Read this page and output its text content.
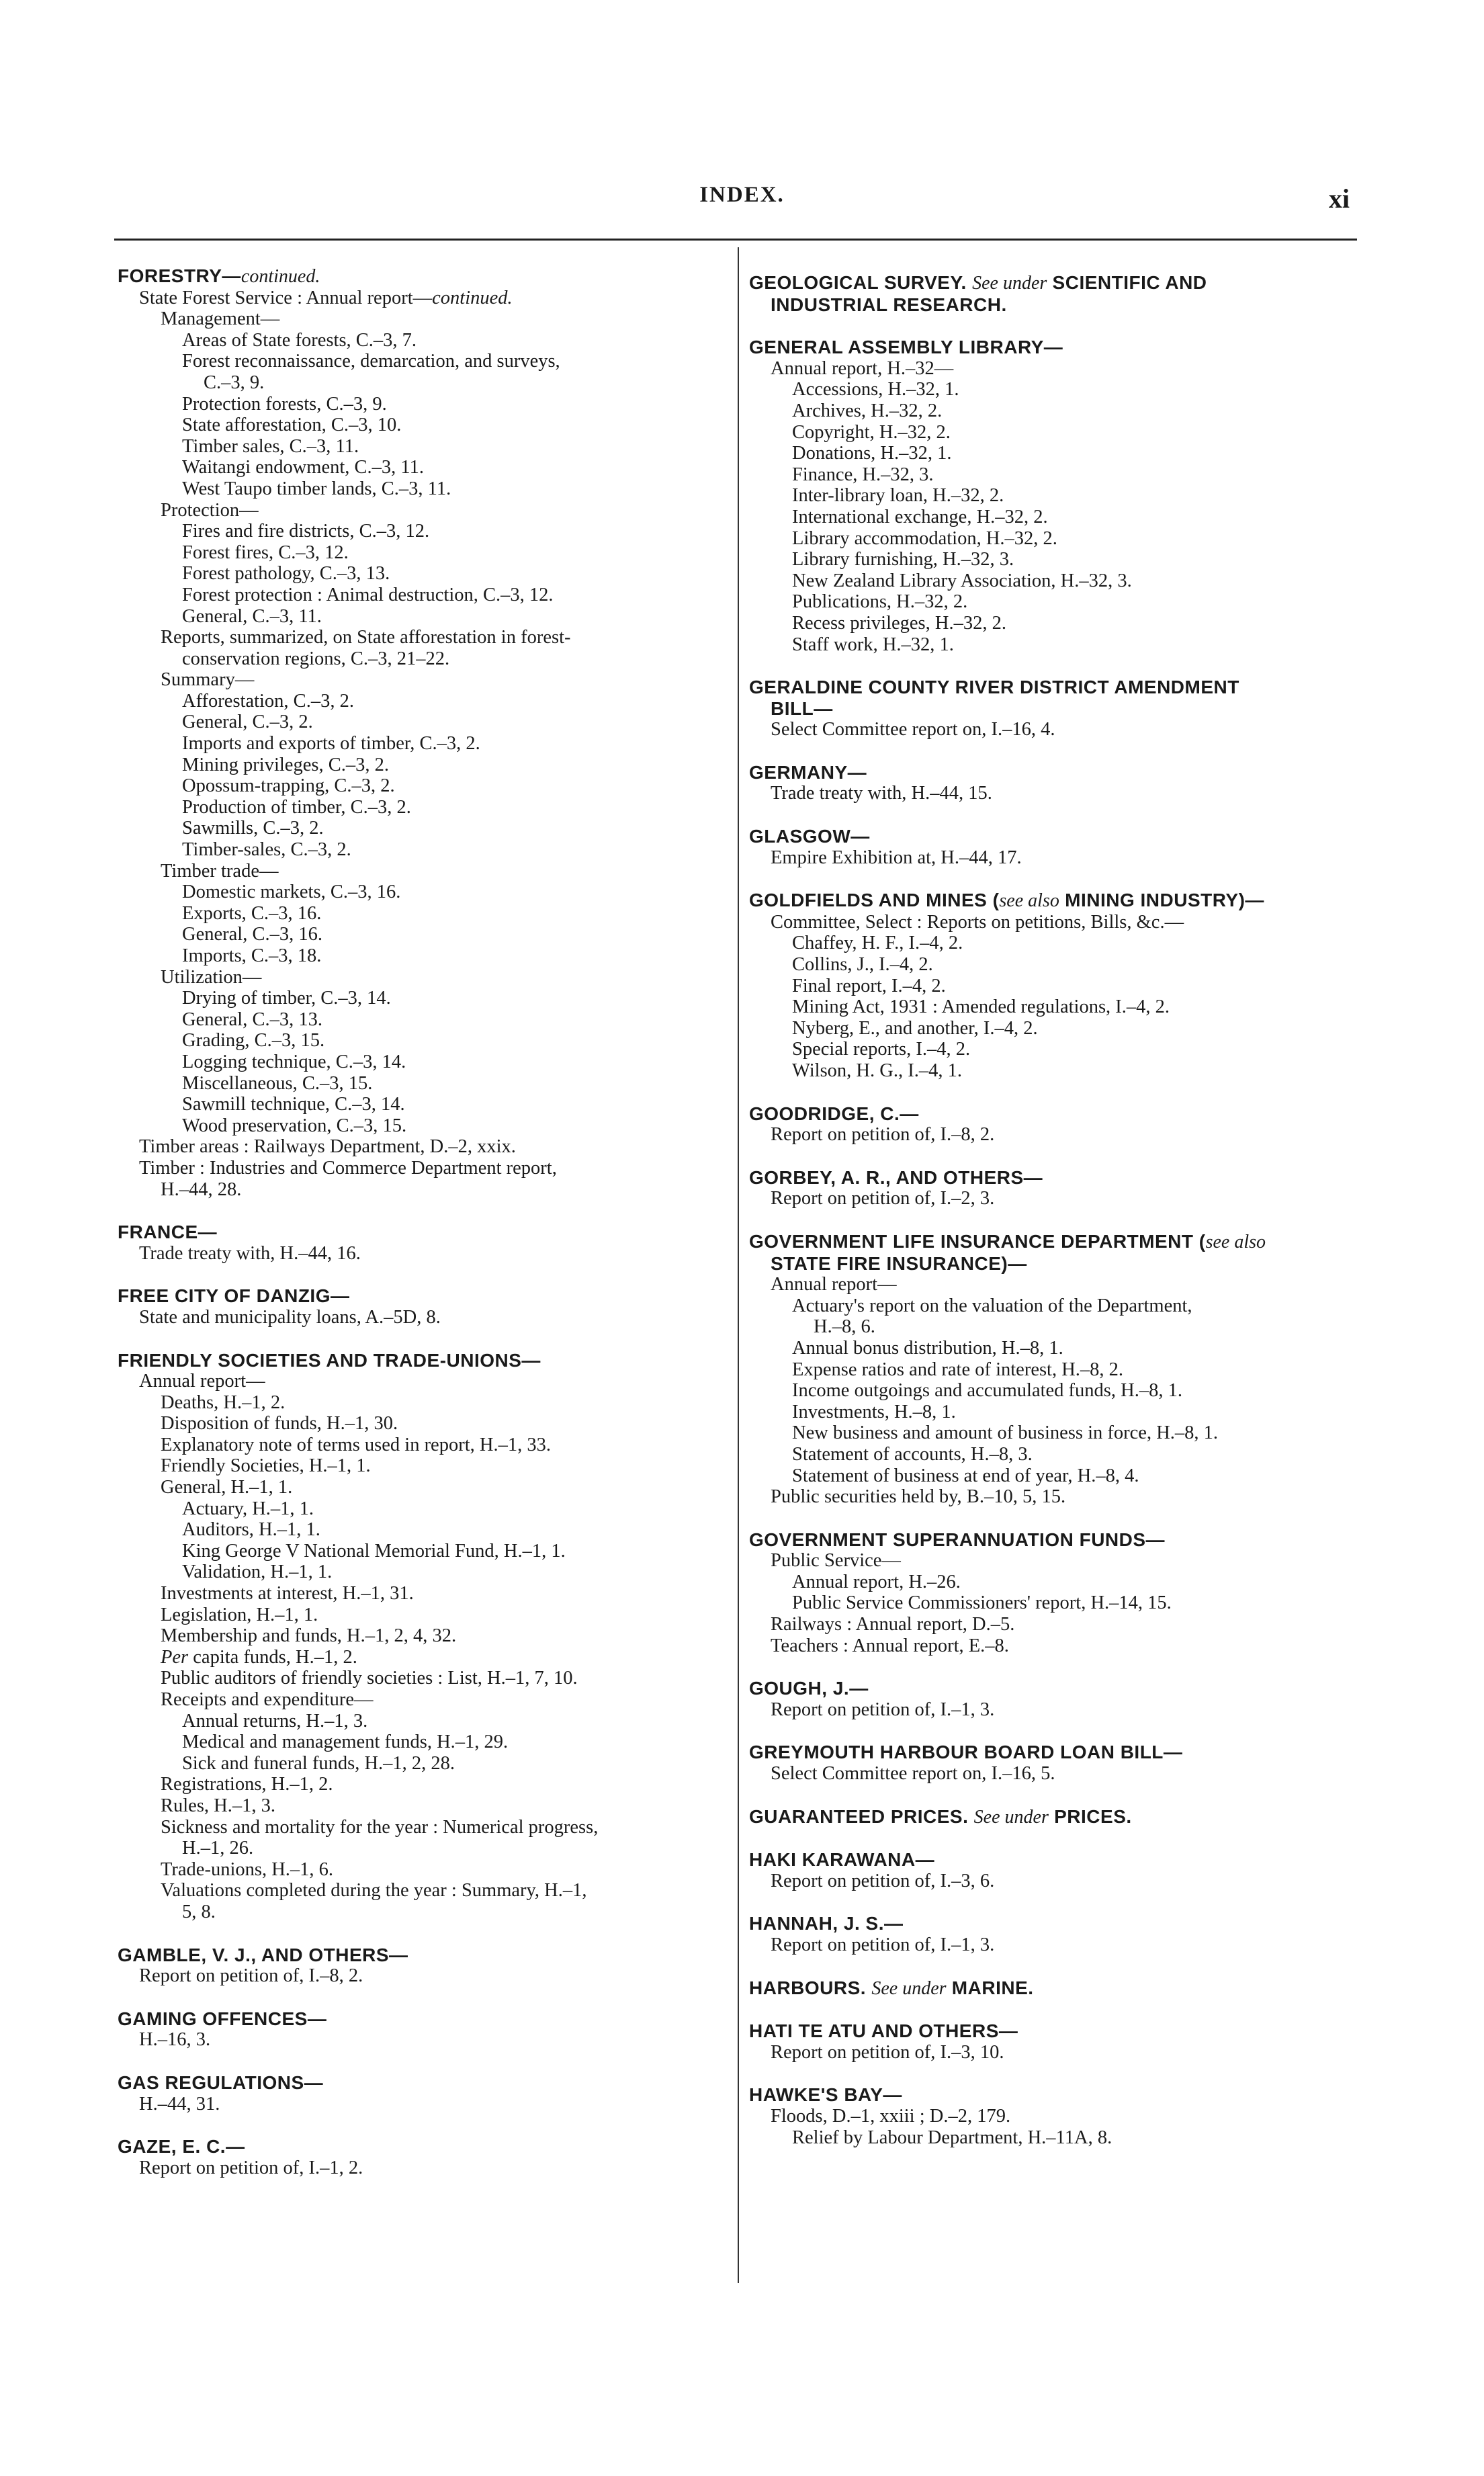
INDEX.	xi
FORESTRY—continued.
State Forest Service : Annual report—continued.
Management—
Areas of State forests, C.–3, 7.
Forest reconnaissance, demarcation, and surveys,
C.–3, 9.
Protection forests, C.–3, 9.
State afforestation, C.–3, 10.
Timber sales, C.–3, 11.
Waitangi endowment, C.–3, 11.
West Taupo timber lands, C.–3, 11.
Protection—
Fires and fire districts, C.–3, 12.
Forest fires, C.–3, 12.
Forest pathology, C.–3, 13.
Forest protection : Animal destruction, C.–3, 12.
General, C.–3, 11.
Reports, summarized, on State afforestation in forest-
conservation regions, C.–3, 21–22.
Summary—
Afforestation, C.–3, 2.
General, C.–3, 2.
Imports and exports of timber, C.–3, 2.
Mining privileges, C.–3, 2.
Opossum-trapping, C.–3, 2.
Production of timber, C.–3, 2.
Sawmills, C.–3, 2.
Timber-sales, C.–3, 2.
Timber trade—
Domestic markets, C.–3, 16.
Exports, C.–3, 16.
General, C.–3, 16.
Imports, C.–3, 18.
Utilization—
Drying of timber, C.–3, 14.
General, C.–3, 13.
Grading, C.–3, 15.
Logging technique, C.–3, 14.
Miscellaneous, C.–3, 15.
Sawmill technique, C.–3, 14.
Wood preservation, C.–3, 15.
Timber areas : Railways Department, D.–2, xxix.
Timber : Industries and Commerce Department report,
H.–44, 28.
FRANCE—
Trade treaty with, H.–44, 16.
FREE CITY OF DANZIG—
State and municipality loans, A.–5D, 8.
FRIENDLY SOCIETIES AND TRADE-UNIONS—
Annual report—
Deaths, H.–1, 2.
Disposition of funds, H.–1, 30.
Explanatory note of terms used in report, H.–1, 33.
Friendly Societies, H.–1, 1.
General, H.–1, 1.
Actuary, H.–1, 1.
Auditors, H.–1, 1.
King George V National Memorial Fund, H.–1, 1.
Validation, H.–1, 1.
Investments at interest, H.–1, 31.
Legislation, H.–1, 1.
Membership and funds, H.–1, 2, 4, 32.
Per capita funds, H.–1, 2.
Public auditors of friendly societies : List, H.–1, 7, 10.
Receipts and expenditure—
Annual returns, H.–1, 3.
Medical and management funds, H.–1, 29.
Sick and funeral funds, H.–1, 2, 28.
Registrations, H.–1, 2.
Rules, H.–1, 3.
Sickness and mortality for the year : Numerical progress,
H.–1, 26.
Trade-unions, H.–1, 6.
Valuations completed during the year : Summary, H.–1,
5, 8.
GAMBLE, V. J., AND OTHERS—
Report on petition of, I.–8, 2.
GAMING OFFENCES—
H.–16, 3.
GAS REGULATIONS—
H.–44, 31.
GAZE, E. C.—
Report on petition of, I.–1, 2.
GEOLOGICAL SURVEY. See under SCIENTIFIC AND
INDUSTRIAL RESEARCH.
GENERAL ASSEMBLY LIBRARY—
Annual report, H.–32—
Accessions, H.–32, 1.
Archives, H.–32, 2.
Copyright, H.–32, 2.
Donations, H.–32, 1.
Finance, H.–32, 3.
Inter-library loan, H.–32, 2.
International exchange, H.–32, 2.
Library accommodation, H.–32, 2.
Library furnishing, H.–32, 3.
New Zealand Library Association, H.–32, 3.
Publications, H.–32, 2.
Recess privileges, H.–32, 2.
Staff work, H.–32, 1.
GERALDINE COUNTY RIVER DISTRICT AMENDMENT
BILL—
Select Committee report on, I.–16, 4.
GERMANY—
Trade treaty with, H.–44, 15.
GLASGOW—
Empire Exhibition at, H.–44, 17.
GOLDFIELDS AND MINES (see also MINING INDUSTRY)—
Committee, Select : Reports on petitions, Bills, &c.—
Chaffey, H. F., I.–4, 2.
Collins, J., I.–4, 2.
Final report, I.–4, 2.
Mining Act, 1931 : Amended regulations, I.–4, 2.
Nyberg, E., and another, I.–4, 2.
Special reports, I.–4, 2.
Wilson, H. G., I.–4, 1.
GOODRIDGE, C.—
Report on petition of, I.–8, 2.
GORBEY, A. R., AND OTHERS—
Report on petition of, I.–2, 3.
GOVERNMENT LIFE INSURANCE DEPARTMENT (see also
STATE FIRE INSURANCE)—
Annual report—
Actuary's report on the valuation of the Department,
H.–8, 6.
Annual bonus distribution, H.–8, 1.
Expense ratios and rate of interest, H.–8, 2.
Income outgoings and accumulated funds, H.–8, 1.
Investments, H.–8, 1.
New business and amount of business in force, H.–8, 1.
Statement of accounts, H.–8, 3.
Statement of business at end of year, H.–8, 4.
Public securities held by, B.–10, 5, 15.
GOVERNMENT SUPERANNUATION FUNDS—
Public Service—
Annual report, H.–26.
Public Service Commissioners' report, H.–14, 15.
Railways : Annual report, D.–5.
Teachers : Annual report, E.–8.
GOUGH, J.—
Report on petition of, I.–1, 3.
GREYMOUTH HARBOUR BOARD LOAN BILL—
Select Committee report on, I.–16, 5.
GUARANTEED PRICES. See under PRICES.
HAKI KARAWANA—
Report on petition of, I.–3, 6.
HANNAH, J. S.—
Report on petition of, I.–1, 3.
HARBOURS. See under MARINE.
HATI TE ATU AND OTHERS—
Report on petition of, I.–3, 10.
HAWKE'S BAY—
Floods, D.–1, xxiii ; D.–2, 179.
Relief by Labour Department, H.–11A, 8.
